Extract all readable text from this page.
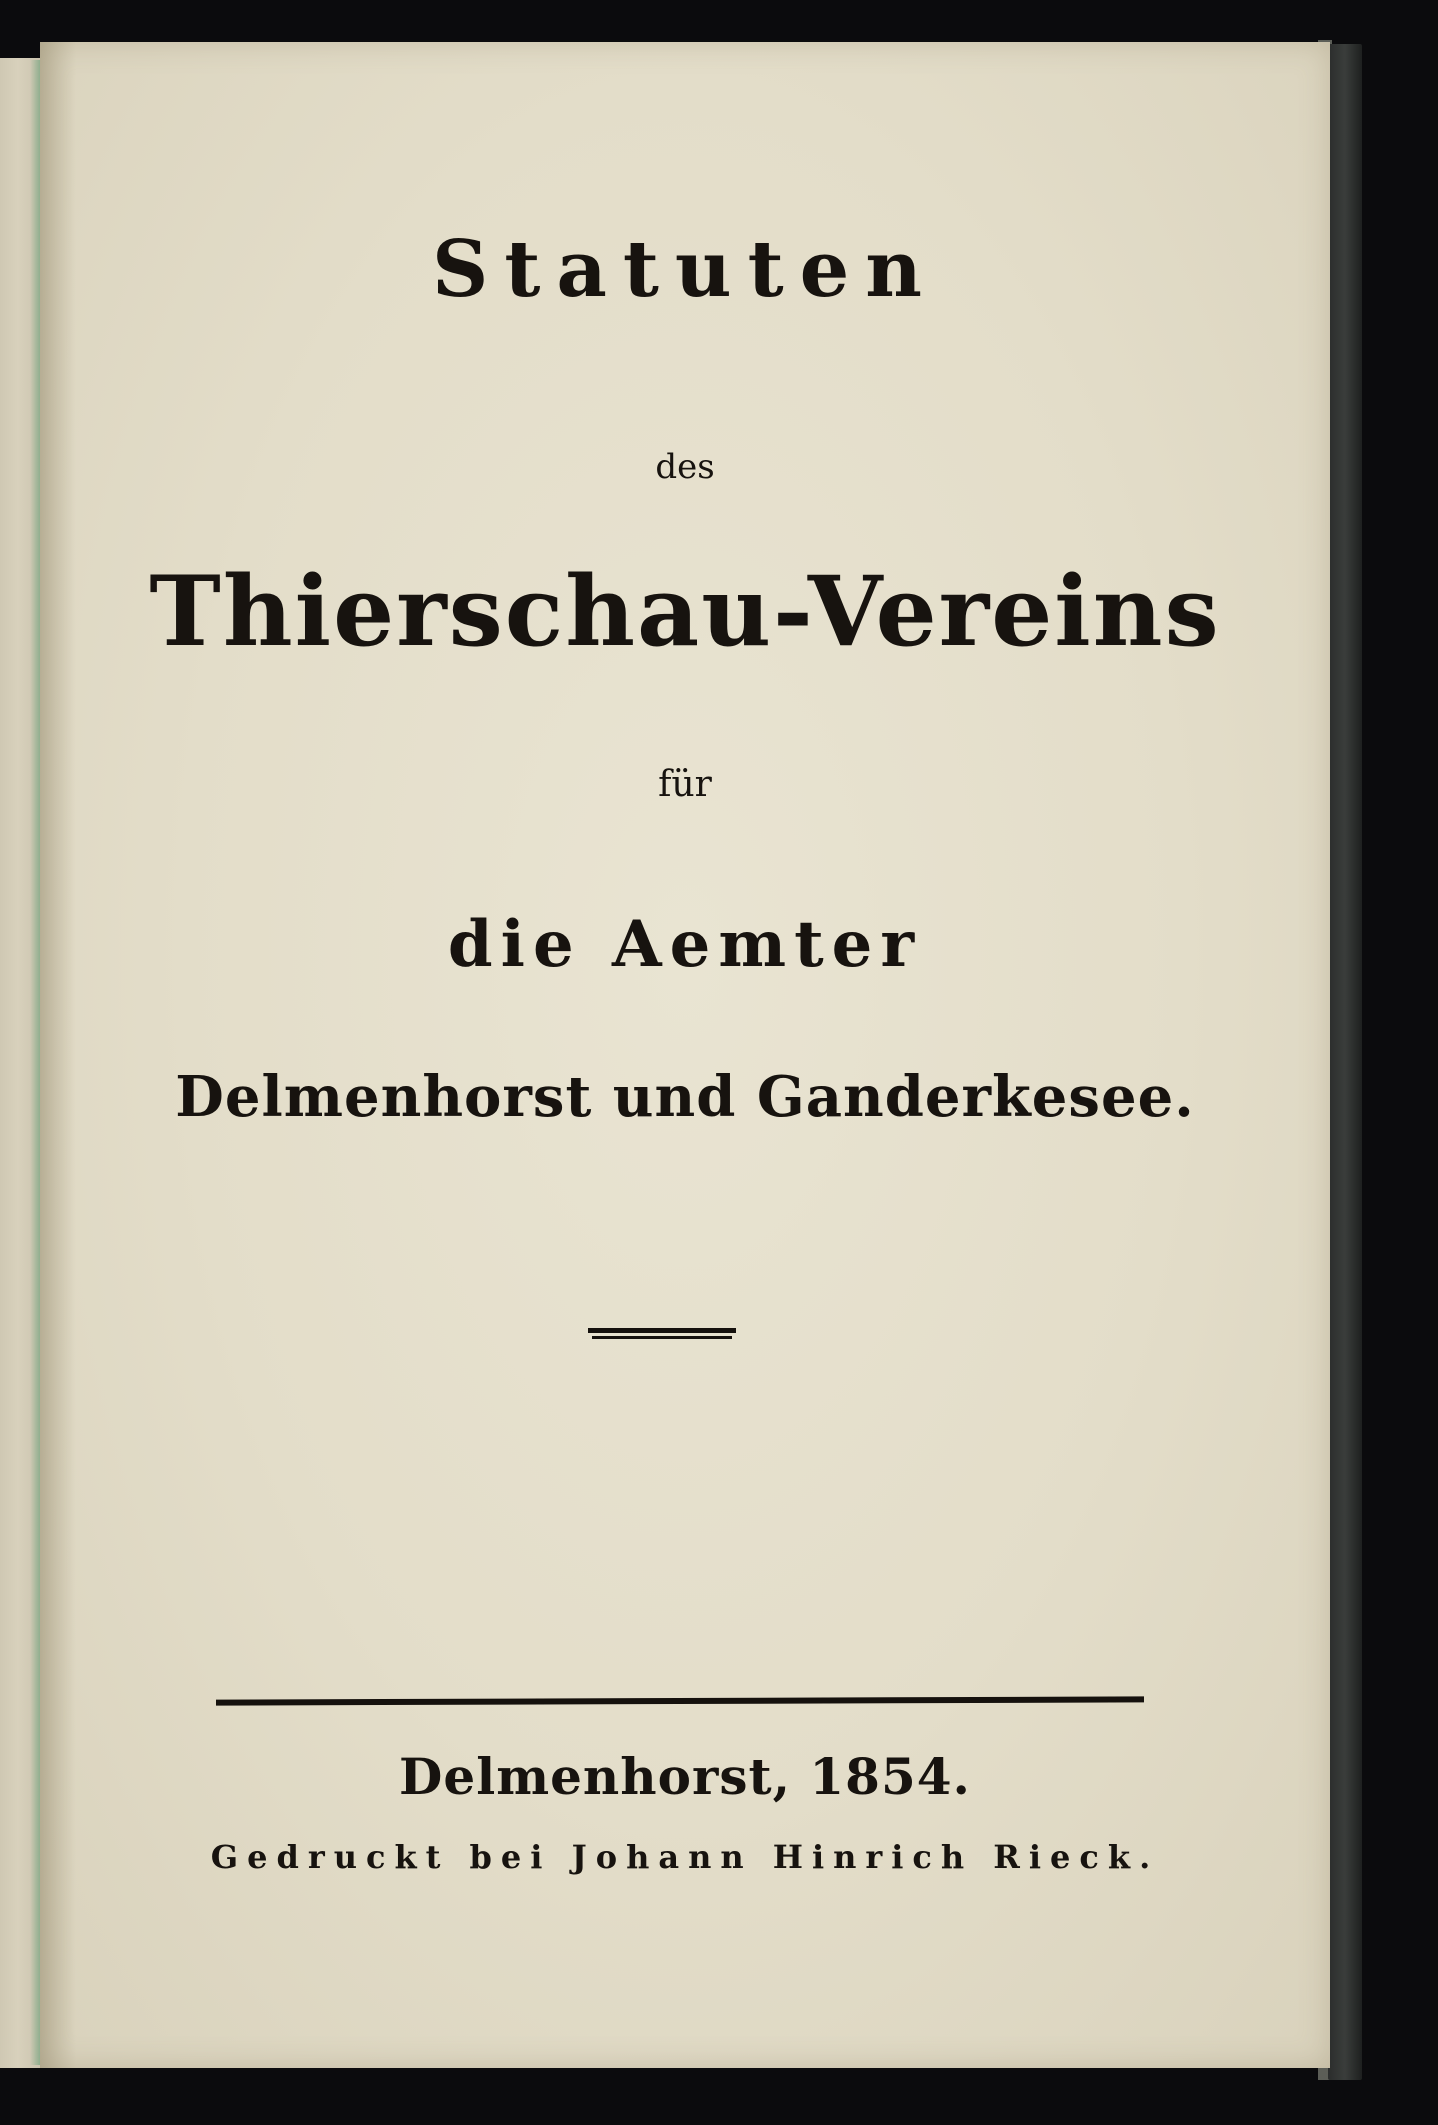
Statuten
des
Thierschau-Vereins
für
die Aemter
Delmenhorst und Ganderkesee.
Delmenhorst, 1854.
Gedruckt bei Johann Hinrich Rieck.
